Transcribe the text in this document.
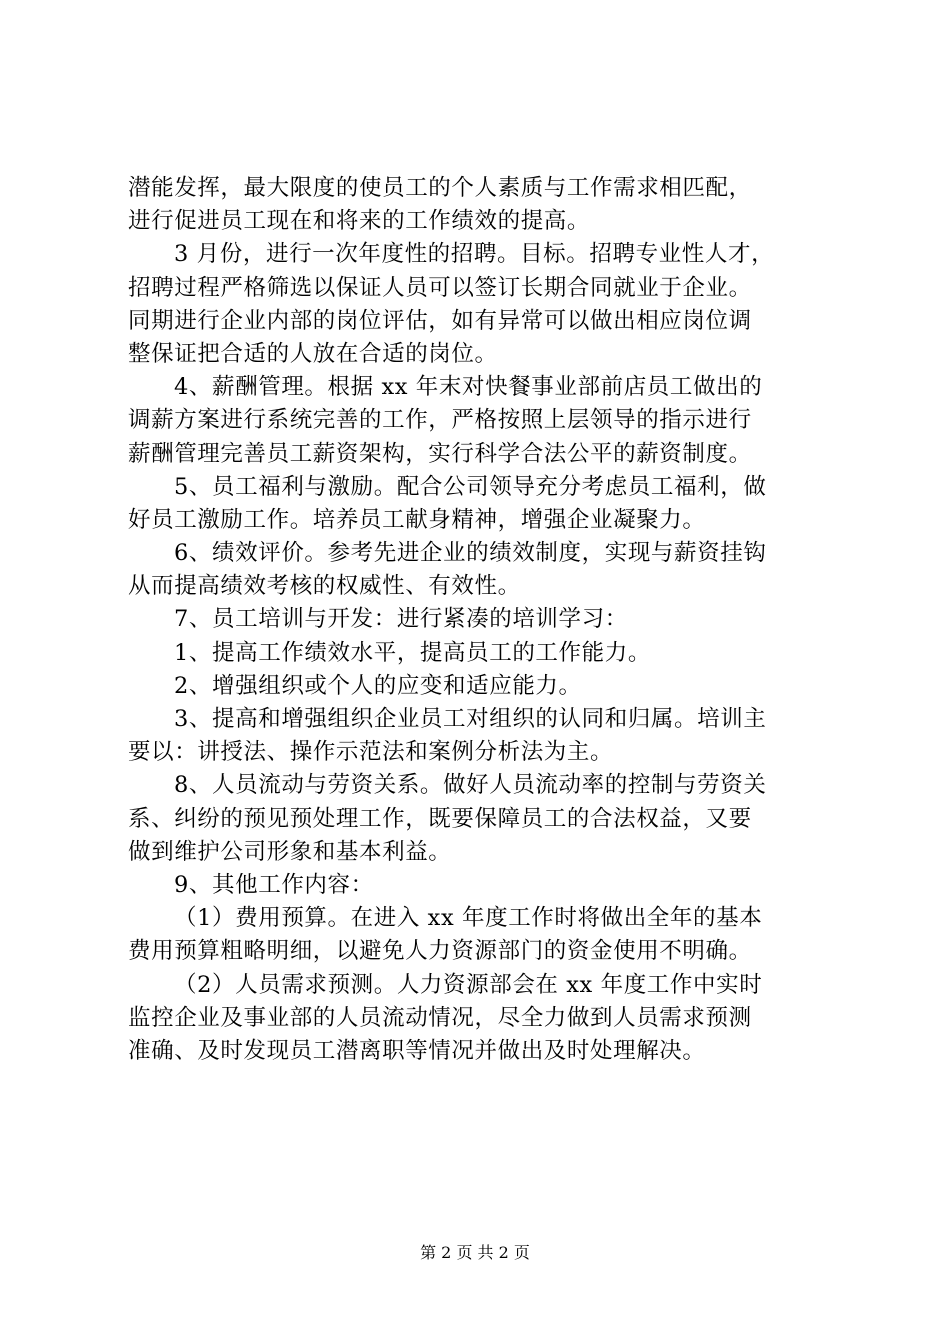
潜能发挥，最大限度的使员工的个人素质与工作需求相匹配，
进行促进员工现在和将来的工作绩效的提高。
3 月份，进行一次年度性的招聘。目标。招聘专业性人才，
招聘过程严格筛选以保证人员可以签订长期合同就业于企业。
同期进行企业内部的岗位评估，如有异常可以做出相应岗位调
整保证把合适的人放在合适的岗位。
4、薪酬管理。根据 xx 年末对快餐事业部前店员工做出的
调薪方案进行系统完善的工作，严格按照上层领导的指示进行
薪酬管理完善员工薪资架构，实行科学合法公平的薪资制度。
5、员工福利与激励。配合公司领导充分考虑员工福利，做
好员工激励工作。培养员工献身精神，增强企业凝聚力。
6、绩效评价。参考先进企业的绩效制度，实现与薪资挂钩
从而提高绩效考核的权威性、有效性。
7、员工培训与开发：进行紧凑的培训学习：
1、提高工作绩效水平，提高员工的工作能力。
2、增强组织或个人的应变和适应能力。
3、提高和增强组织企业员工对组织的认同和归属。培训主
要以：讲授法、操作示范法和案例分析法为主。
8、人员流动与劳资关系。做好人员流动率的控制与劳资关
系、纠纷的预见预处理工作，既要保障员工的合法权益，又要
做到维护公司形象和基本利益。
9、其他工作内容：
（1）费用预算。在进入 xx 年度工作时将做出全年的基本
费用预算粗略明细，以避免人力资源部门的资金使用不明确。
（2）人员需求预测。人力资源部会在 xx 年度工作中实时
监控企业及事业部的人员流动情况，尽全力做到人员需求预测
准确、及时发现员工潜离职等情况并做出及时处理解决。
第 2 页 共 2 页
